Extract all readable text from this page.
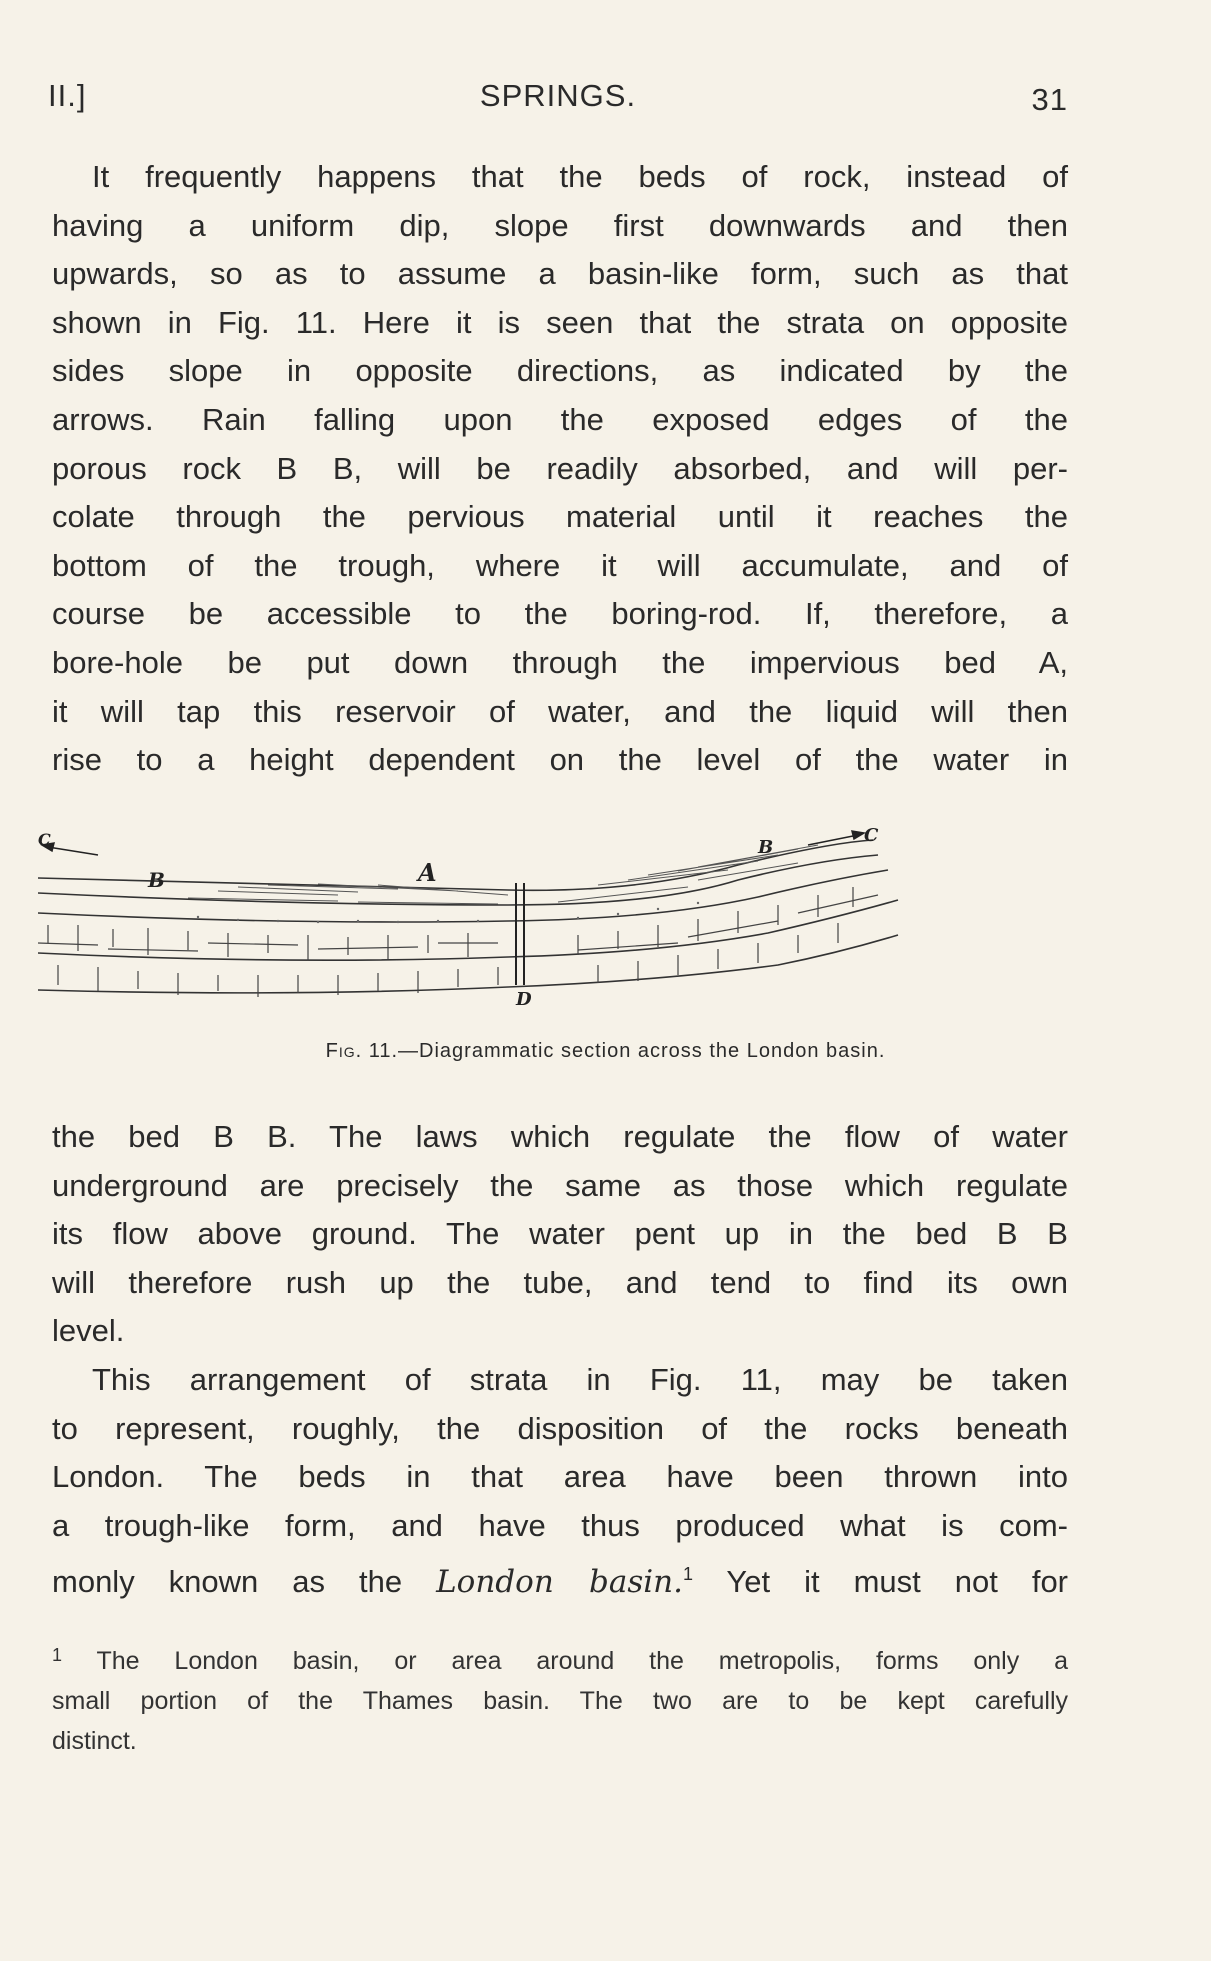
II.]	SPRINGS.	31
It frequently happens that the beds of rock, instead of
having a uniform dip, slope first downwards and then
upwards, so as to assume a basin-like form, such as that
shown in Fig. 11. Here it is seen that the strata on opposite
sides slope in opposite directions, as indicated by the
arrows. Rain falling upon the exposed edges of the
porous rock B B, will be readily absorbed, and will per-
colate through the pervious material until it reaches the
bottom of the trough, where it will accumulate, and of
course be accessible to the boring-rod. If, therefore, a
bore-hole be put down through the impervious bed A,
it will tap this reservoir of water, and the liquid will then
rise to a height dependent on the level of the water in
B	A
B
C	C
D
Fig. 11.—Diagrammatic section across the London basin.
the bed B B. The laws which regulate the flow of water
underground are precisely the same as those which regulate
its flow above ground. The water pent up in the bed B B
will therefore rush up the tube, and tend to find its own
level.
This arrangement of strata in Fig. 11, may be taken
to represent, roughly, the disposition of the rocks beneath
London. The beds in that area have been thrown into
a trough-like form, and have thus produced what is com-
monly known as the London basin.$^1$ Yet it must not for
$^1$ The London basin, or area around the metropolis, forms only a
small portion of the Thames basin. The two are to be kept carefully
distinct.
